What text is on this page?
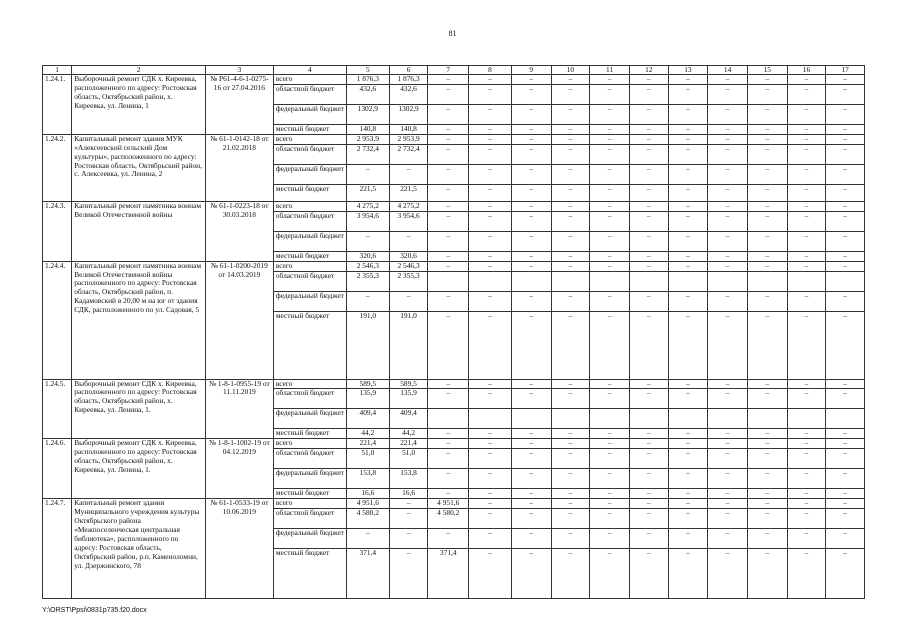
81
1	2	3	4	5	6	7	8	9	10	11	12	13	14	15	16	17
1.24.1.	Выборочный ремонт СДК х. Киреевка, расположенного по адресу: Ростовская область, Октябрьский район, х. Киреевка, ул. Ленина, 1	№ Р61-4-6-1-0275-16 от 27.04.2016	всего	1 876,3	1 876,3	–	–	–	–	–	–	–	–	–	–	–
			областной бюджет	432,6	432,6	–	–	–	–	–	–	–	–	–	–	–
			федеральный бюджет	1302,9	1302,9	–	–	–	–	–	–	–	–	–	–	–
			местный бюджет	140,8	140,8	–	–	–	–	–	–	–	–	–	–	–
1.24.2.	Капитальный ремонт здания МУК «Алексеевский сельский Дом культуры», расположенного по адресу: Ростовская область, Октябрьский район, с. Алексеевка, ул. Ленина, 2	№ 61-1-0142-18 от 21.02.2018	всего	2 953,9	2 953,9	–	–	–	–	–	–	–	–	–	–	–
			областной бюджет	2 732,4	2 732,4	–	–	–	–	–	–	–	–	–	–	–
			федеральный бюджет	–	–	–	–	–	–	–	–	–	–	–	–	–
			местный бюджет	221,5	221,5	–	–	–	–	–	–	–	–	–	–	–
1.24.3.	Капитальный ремонт памятника воинам Великой Отечественной войны	№ 61-1-0223-18 от 30.03.2018	всего	4 275,2	4 275,2	–	–	–	–	–	–	–	–	–	–	–
			областной бюджет	3 954,6	3 954,6	–	–	–	–	–	–	–	–	–	–	–
			федеральный бюджет	–	–	–	–	–	–	–	–	–	–	–	–	–
			местный бюджет	320,6	320,6	–	–	–	–	–	–	–	–	–	–	–
1.24.4.	Капитальный ремонт памятника воинам Великой Отечественной войны расположенного по адресу: Ростовская область, Октябрьский район, п. Кадамовский в 20,00 м на юг от здания СДК, расположенного по ул. Садовая, 5	№ 61-1-0200-2019 от 14.03.2019	всего	2 546,3	2 546,3	–	–	–	–	–	–	–	–	–	–	–
			областной бюджет	2 355,3	2 355,3											
			федеральный бюджет	–	–	–	–	–	–	–	–	–	–	–	–	–
			местный бюджет	191,0	191,0	–	–	–	–	–	–	–	–	–	–	–
1.24.5.	Выборочный ремонт СДК х. Киреевка, расположенного по адресу: Ростовская область, Октябрьский район, х. Киреевка, ул. Ленина, 1.	№ 1-8-1-0955-19 от 11.11.2019	всего	589,5	589,5	–	–	–	–	–	–	–	–	–	–	–
			областной бюджет	135,9	135,9	–	–	–	–	–	–	–	–	–	–	–
			федеральный бюджет	409,4	409,4											
			местный бюджет	44,2	44,2	–	–	–	–	–	–	–	–	–	–	–
1.24.6.	Выборочный ремонт СДК х. Киреевка, расположенного по адресу: Ростовская область, Октябрьский район, х. Киреевка, ул. Ленина, 1.	№ 1-8-1-1002-19 от 04.12.2019	всего	221,4	221,4	–	–	–	–	–	–	–	–	–	–	–
			областной бюджет	51,0	51,0	–	–	–	–	–	–	–	–	–	–	–
			федеральный бюджет	153,8	153,8	–	–	–	–	–	–	–	–	–	–	–
			местный бюджет	16,6	16,6	–	–	–	–	–	–	–	–	–	–	–
1.24.7.	Капитальный ремонт здания Муниципального учреждения культуры Октябрьского района «Межпоселенческая центральная библиотека», расположенного по адресу: Ростовская область, Октябрьский район, р.п. Каменоломни, ул. Дзержинского, 78	№ 61-1-0533-19 от 10.06.2019	всего	4 951,6	–	4 951,6	–	–	–	–	–	–	–	–	–	–
			областной бюджет	4 580,2	–	4 580,2	–	–	–	–	–	–	–	–	–	–
			федеральный бюджет	–	–	–	–	–	–	–	–	–	–	–	–	–
			местный бюджет	371,4	–	371,4	–	–	–	–	–	–	–	–	–	–
Y:\ORST\Ppsi\0831p735.f20.docx
